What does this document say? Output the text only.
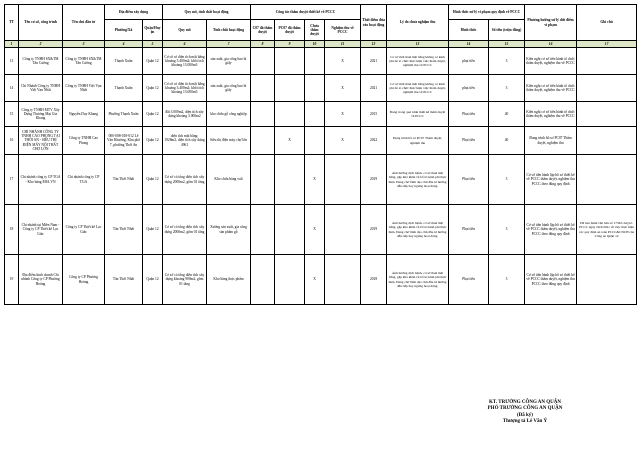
TT	Tên cơ sở, công trình	Tên chủ đầu tư	Địa điểm xây dựng		Quy mô, tính chất hoạt động		Công tác thẩm duyệt thiết kế về PCCC				Thời điểm đưa vào hoạt động	Lý do chưa nghiệm thu	Hình thức xử lý vi phạm quy định về PCCC		Phương hướng xử lý dứt điểm vi phạm	Ghi chú
			Phường/Xã	Quận/Huyện	Quy mô	Tính chất hoạt động	C07 đã thẩm duyệt	PC07 đã thẩm duyệt	Chưa thẩm duyệt	Nghiệm thu về PCCC			Hình thức	Số tiền (triệu đồng)		
1	2	3	4	5	6	7	8	9	10	11	12	13	14	15	16	17
13	Công ty TNHH SX&TM Tân Cương	Công ty TNHH SX&TM Tân Cương	Thạnh Xuân	Quận 12	Cơ sở có diện tích mặt bằng khoảng 3.400m2; khối tích khoảng 13.000m3	sản xuất, gia công bao bì giấy				X	2021	Cơ sở mới thuê mặt bằng không có kinh phí để tổ chức thực hiện việc thẩm duyệt, nghiệm thu về PCCC	phạt tiền	3	Kiến nghị cơ sở tiến hành tổ chức thẩm duyệt, nghiệm thu về PCCC	
14	Chi Nhánh Công ty TNHH Việt Vạn Nhất	Công ty TNHH Việt Vạn Nhất	Thạnh Xuân	Quận 12	Cơ sở có diện tích mặt bằng khoảng 3.400m2; khối tích khoảng 13.000m3	sản xuất, gia công bao bì giấy				X	2021	Cơ sở mới thuê mặt bằng không có kinh phí để tổ chức thực hiện việc thẩm duyệt, nghiệm thu về PCCC	phạt tiền	3	Kiến nghị cơ sở tiến hành tổ chức thẩm duyệt, nghiệm thu về PCCC	
15	Công ty TNHH MTV Xây Dựng Thương Mại Gia Khang	Nguyễn Duy Khang	Phường Thạnh Xuân	Quận 12	đất 3.000m2, diện tích xây dựng khoảng 3.000m2	kho chứa gỗ công nghiệp				X	2015	Đang trong quá trình thiết kế thẩm duyệt về PCCC	Phạt tiền	40	Kiến nghị cơ sở tiến hành tổ chức thẩm duyệt, nghiệm thu về PCCC	
16	CHI NHÁNH CÔNG TY TNHH CAO PHONG TẠI THỚI AN - SIÊU THỊ ĐIỆN MÁY NỘI THẤT CHỢ LỚN	Công ty TNHH Cao Phong	000-008-018-012 Lê Văn Khương, Khu phố 7, phường Thới An	Quận 12	diện tích mặt bằng: 1928m2, diện tích xây dựng 4961	Siêu thị điện máy chợ lớn		X		X	2022	Đang trình hồ sơ PC07 Thẩm duyệt, nghiệm thu	Phạt tiền	40	Đang trình hồ sơ PC07 Thẩm duyệt, nghiệm thu	
17	Chi nhánh công ty CP TGA - Kho hàng MIA.VN	Chi nhánh công ty CP TGA	Tân Thới Nhất	Quận 12	Cơ sở có tổng diện tích xây dựng 2000m2, gồm 01 tầng	Kho chứa hàng vali			X		2019	Ảnh hưởng dịch bệnh, cơ sở thuê mặt bằng, gặp khó khăn về bố trí kinh phí thực hiện. Đang chờ lãnh đạo chủ đầu tư hướng dẫn tiếp hay ngưng hoạt động.	Phạt tiền	3	Cơ sở tiến hành lập hồ sơ thiết kế về PCCC thẩm duyệt, nghiệm thu PCCC theo đúng quy định	
18	Chi nhánh tại Miền Nam - Công ty CP Thiết kế Lạc Giác	Công ty CP Thiết kế Lạc Giác	Tân Thới Nhất	Quận 12	Cơ sở có tổng diện tích xây dựng 2000m2, gồm 01 tầng	Xưởng sản xuất, gia công sản phẩm gỗ			X		2019	Ảnh hưởng dịch bệnh, cơ sở thuê mặt bằng, gặp khó khăn về bố trí kinh phí thực hiện. Đang chờ lãnh đạo chủ đầu tư hướng dẫn tiếp hay ngưng hoạt động.	Phạt tiền	3	Cơ sở tiến hành lập hồ sơ thiết kế về PCCC thẩm duyệt, nghiệm thu PCCC theo đúng quy định	Đã ban hành văn bản số 1736/CAQ12-PCCC ngày 20/4/2021 về việc thực hiện các quy định an toàn PCCC&CNCH của Công an Quận 12
19	Địa điểm kinh doanh Chi nhánh Công ty CP Phương Hoàng	Công ty CP Phương Hoàng	Tân Thới Nhất	Quận 12	Cơ sở có tổng diện tích xây dựng khoảng 900m2, gồm 01 tầng	Kho hàng thực phẩm			X		2018	Ảnh hưởng dịch bệnh, cơ sở thuê mặt bằng, gặp khó khăn về bố trí kinh phí thực hiện. Đang chờ lãnh đạo chủ đầu tư hướng dẫn tiếp hay ngưng hoạt động.	Phạt tiền	3	Cơ sở tiến hành lập hồ sơ thiết kế về PCCC thẩm duyệt, nghiệm thu PCCC theo đúng quy định	
KT. TRƯỞNG CÔNG AN QUẬN
PHÓ TRƯỞNG CÔNG AN QUẬN
(Đã ký)
Thượng tá Lê Văn Ý
